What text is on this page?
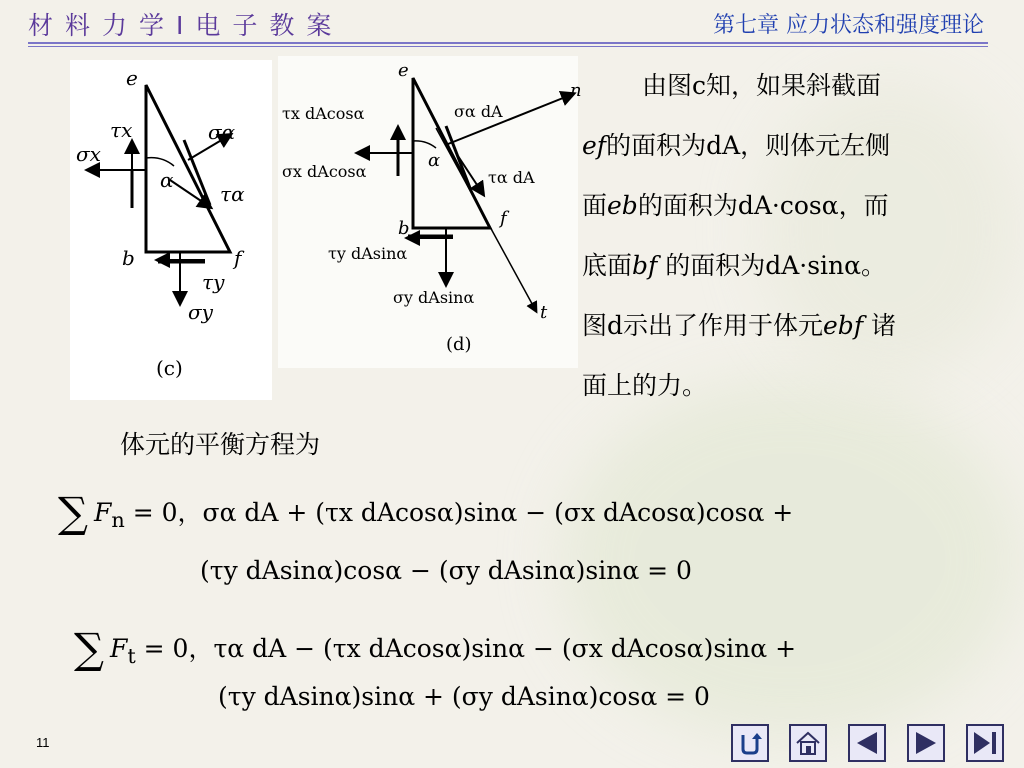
材料力学Ⅰ电子教案	第七章 应力状态和强度理论
e
τx
σx
σα
α
τα
b	f
τy
σy
(c)
e
τx dAcosα
σx dAcosα
σα dA
n
α
τα dA
b	f
τy dAsinα
σy dAsinα
t
(d)

由图c知，如果斜截面

ef的面积为dA，则体元左侧

面eb的面积为dA·cosα，而

底面bf 的面积为dA·sinα。

图d示出了作用于体元ebf 诸

面上的力。

体元的平衡方程为
∑ $F_n = 0$，σα dA + (τx dAcosα)sinα − (σx dAcosα)cosα +
(τy dAsinα)cosα − (σy dAsinα)sinα = 0
∑ $F_t = 0$，τα dA − (τx dAcosα)sinα − (σx dAcosα)sinα +
(τy dAsinα)sinα + (σy dAsinα)cosα = 0
11
